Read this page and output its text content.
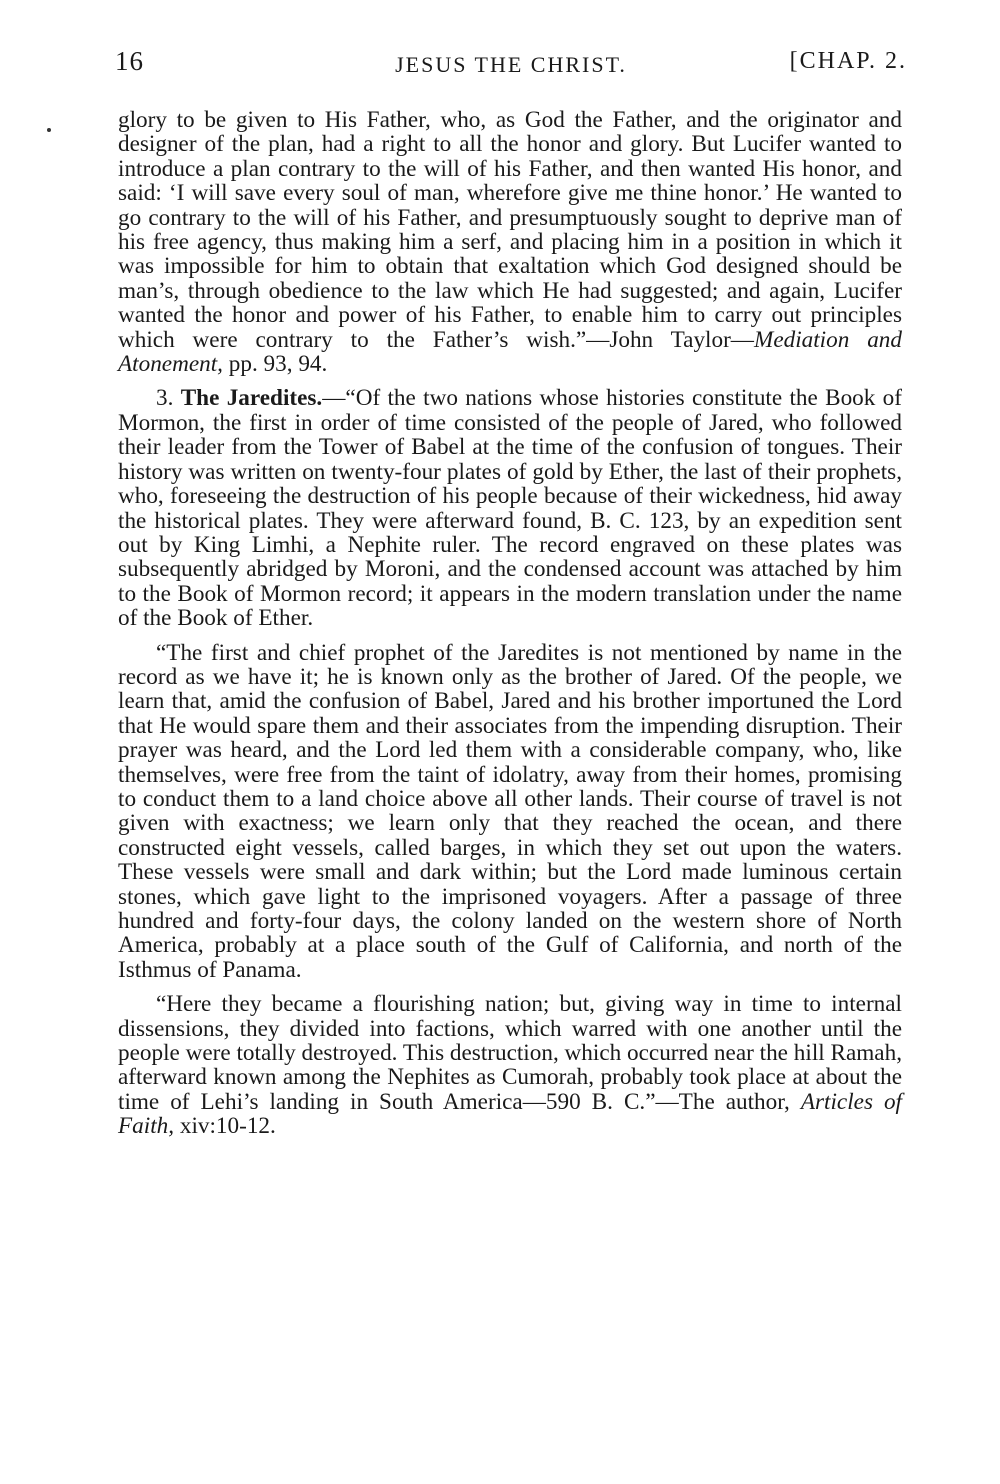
16	JESUS THE CHRIST.	[CHAP. 2.

glory to be given to His Father, who, as God the Father, and the originator and designer of the plan, had a right to all the honor and glory. But Lucifer wanted to introduce a plan contrary to the will of his Father, and then wanted His honor, and said: ‘I will save every soul of man, wherefore give me thine honor.’ He wanted to go contrary to the will of his Father, and presumptuously sought to deprive man of his free agency, thus making him a serf, and placing him in a position in which it was impossible for him to obtain that exaltation which God designed should be man’s, through obedience to the law which He had suggested; and again, Lucifer wanted the honor and power of his Father, to enable him to carry out principles which were contrary to the Father’s wish.”—John Taylor—Mediation and Atonement, pp. 93, 94.

3. The Jaredites.—“Of the two nations whose histories constitute the Book of Mormon, the first in order of time consisted of the people of Jared, who followed their leader from the Tower of Babel at the time of the confusion of tongues. Their history was written on twenty-four plates of gold by Ether, the last of their prophets, who, foreseeing the destruction of his people because of their wickedness, hid away the historical plates. They were afterward found, B. C. 123, by an expedition sent out by King Limhi, a Nephite ruler. The record engraved on these plates was subsequently abridged by Moroni, and the condensed account was attached by him to the Book of Mormon record; it appears in the modern translation under the name of the Book of Ether.

“The first and chief prophet of the Jaredites is not mentioned by name in the record as we have it; he is known only as the brother of Jared. Of the people, we learn that, amid the confusion of Babel, Jared and his brother importuned the Lord that He would spare them and their associates from the impending disruption. Their prayer was heard, and the Lord led them with a considerable company, who, like themselves, were free from the taint of idolatry, away from their homes, promising to conduct them to a land choice above all other lands. Their course of travel is not given with exactness; we learn only that they reached the ocean, and there constructed eight vessels, called barges, in which they set out upon the waters. These vessels were small and dark within; but the Lord made luminous certain stones, which gave light to the imprisoned voyagers. After a passage of three hundred and forty-four days, the colony landed on the western shore of North America, probably at a place south of the Gulf of California, and north of the Isthmus of Panama.

“Here they became a flourishing nation; but, giving way in time to internal dissensions, they divided into factions, which warred with one another until the people were totally destroyed. This destruction, which occurred near the hill Ramah, afterward known among the Nephites as Cumorah, probably took place at about the time of Lehi’s landing in South America—590 B. C.”—The author, Articles of Faith, xiv:10-12.
